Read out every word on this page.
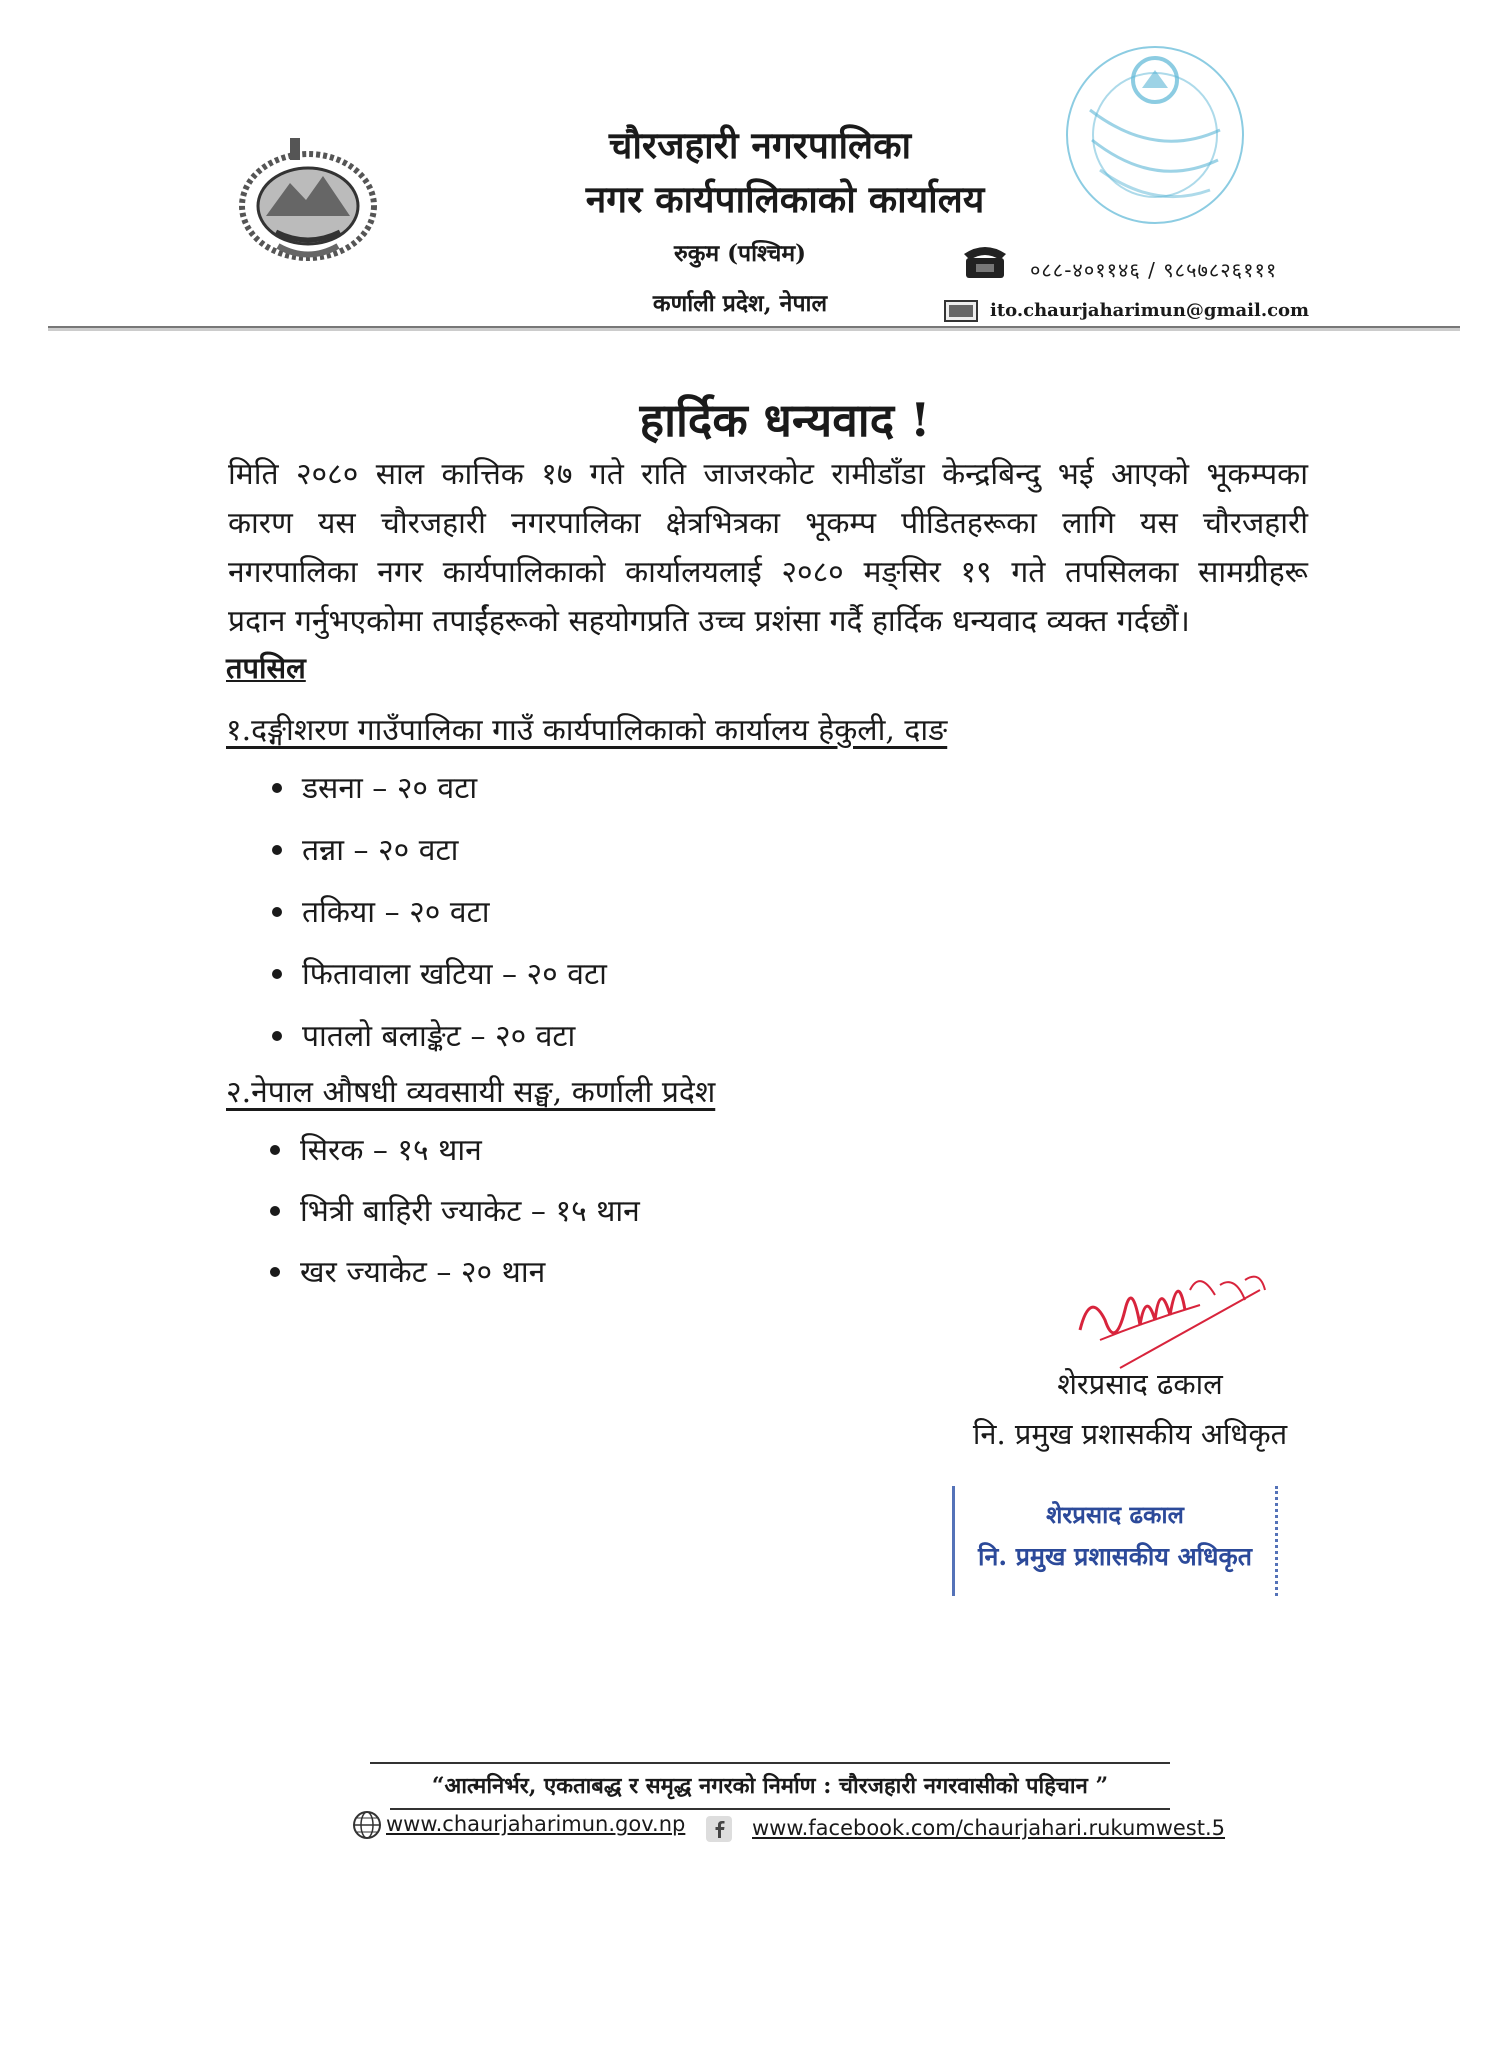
चौरजहारी नगरपालिका
नगर कार्यपालिकाको कार्यालय
रुकुम (पश्चिम)
कर्णाली प्रदेश, नेपाल
०८८-४०११४६ / ९८५७८२६१११
ito.chaurjaharimun@gmail.com
हार्दिक धन्यवाद !
मिति २०८० साल कात्तिक १७ गते राति जाजरकोट रामीडाँडा केन्द्रबिन्दु भई आएको भूकम्पका
कारण यस चौरजहारी नगरपालिका क्षेत्रभित्रका भूकम्प पीडितहरूका लागि यस चौरजहारी
नगरपालिका नगर कार्यपालिकाको कार्यालयलाई २०८० मङ्सिर १९ गते तपसिलका सामग्रीहरू
प्रदान गर्नुभएकोमा तपाईंहरूको सहयोगप्रति उच्च प्रशंसा गर्दै हार्दिक धन्यवाद व्यक्त गर्दछौं।
तपसिल
१.दङ्गीशरण गाउँपालिका गाउँ कार्यपालिकाको कार्यालय हेकुली, दाङ
डसना – २० वटा
तन्ना – २० वटा
तकिया – २० वटा
फितावाला खटिया – २० वटा
पातलो बलाङ्केट – २० वटा
२.नेपाल औषधी व्यवसायी सङ्घ, कर्णाली प्रदेश
सिरक – १५ थान
भित्री बाहिरी ज्याकेट – १५ थान
खर ज्याकेट – २० थान
शेरप्रसाद ढकाल
नि. प्रमुख प्रशासकीय अधिकृत
शेरप्रसाद ढकाल
नि. प्रमुख प्रशासकीय अधिकृत
“आत्मनिर्भर, एकताबद्ध र समृद्ध नगरको निर्माण : चौरजहारी नगरवासीको पहिचान ”
www.chaurjaharimun.gov.np	www.facebook.com/chaurjahari.rukumwest.5
